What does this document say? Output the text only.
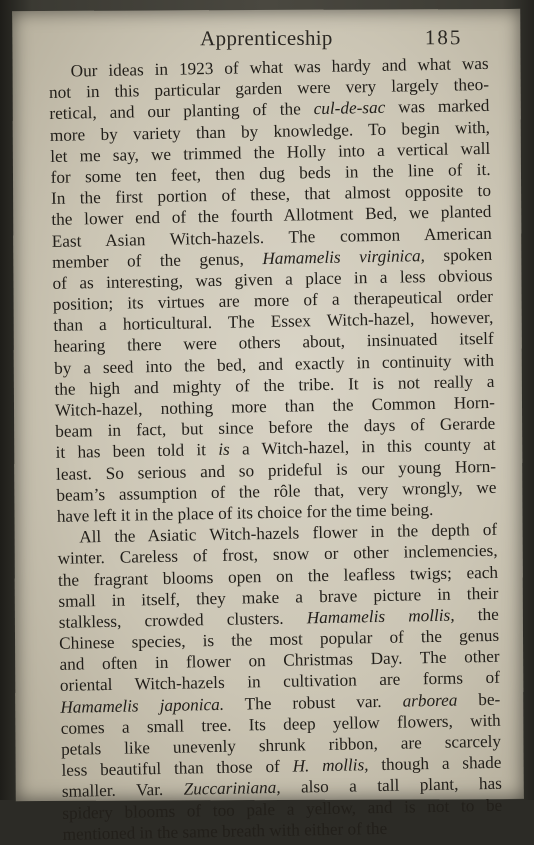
Apprenticeship	185
Our ideas in 1923 of what was hardy and what was
not in this particular garden were very largely theo-
retical, and our planting of the cul-de-sac was marked
more by variety than by knowledge. To begin with,
let me say, we trimmed the Holly into a vertical wall
for some ten feet, then dug beds in the line of it.
In the first portion of these, that almost opposite to
the lower end of the fourth Allotment Bed, we planted
East Asian Witch-hazels. The common American
member of the genus, Hamamelis virginica, spoken
of as interesting, was given a place in a less obvious
position; its virtues are more of a therapeutical order
than a horticultural. The Essex Witch-hazel, however,
hearing there were others about, insinuated itself
by a seed into the bed, and exactly in continuity with
the high and mighty of the tribe. It is not really a
Witch-hazel, nothing more than the Common Horn-
beam in fact, but since before the days of Gerarde
it has been told it is a Witch-hazel, in this county at
least. So serious and so prideful is our young Horn-
beam’s assumption of the rôle that, very wrongly, we
have left it in the place of its choice for the time being.
All the Asiatic Witch-hazels flower in the depth of
winter. Careless of frost, snow or other inclemencies,
the fragrant blooms open on the leafless twigs; each
small in itself, they make a brave picture in their
stalkless, crowded clusters. Hamamelis mollis, the
Chinese species, is the most popular of the genus
and often in flower on Christmas Day. The other
oriental Witch-hazels in cultivation are forms of
Hamamelis japonica. The robust var. arborea be-
comes a small tree. Its deep yellow flowers, with
petals like unevenly shrunk ribbon, are scarcely
less beautiful than those of H. mollis, though a shade
smaller. Var. Zuccariniana, also a tall plant, has
spidery blooms of too pale a yellow, and is not to be
mentioned in the same breath with either of the
